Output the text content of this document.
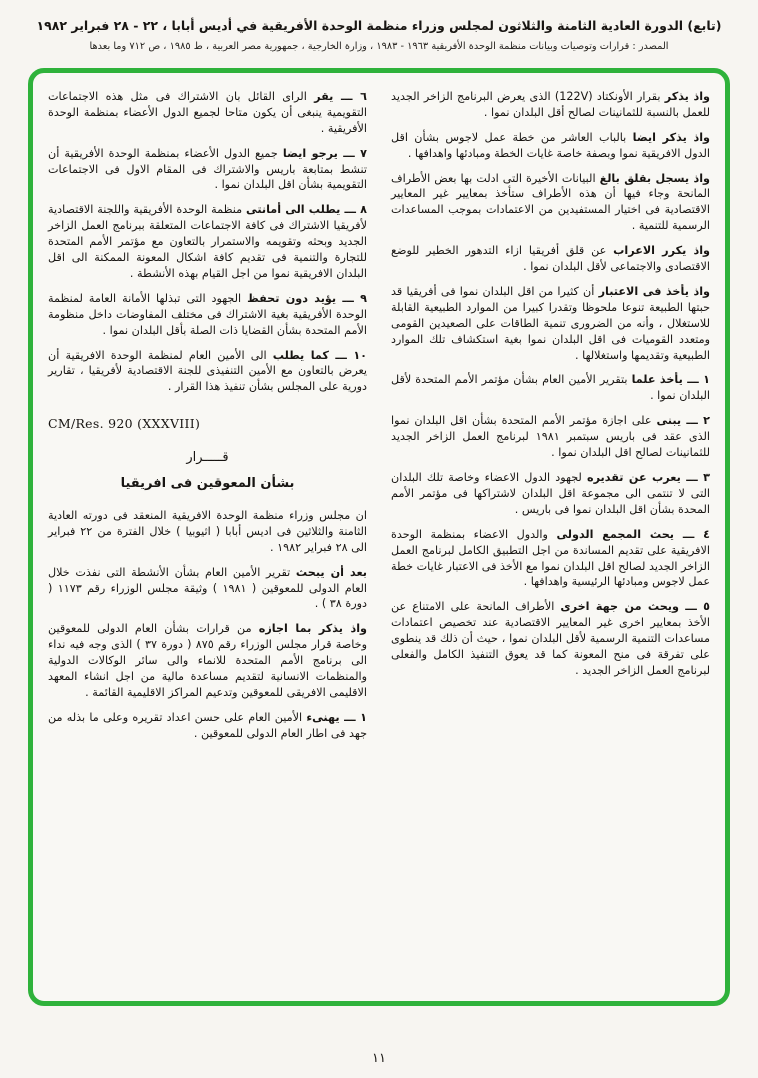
(تابع) الدورة العادية الثامنة والثلاثون لمجلس وزراء منظمة الوحدة الأفريقية في أديس أبابا ، ٢٢ - ٢٨ فبراير ١٩٨٢
المصدر : قرارات وتوصيات وبيانات منظمة الوحدة الأفريقية ١٩٦٣ - ١٩٨٣ ، وزارة الخارجية ، جمهورية مصر العربية ، ط ١٩٨٥ ، ص ٧١٢ وما بعدها

واذ يذكر بقرار الأونكتاد (122V) الذى يعرض البرنامج الزاخر الجديد للعمل بالنسبة للثمانينات لصالح أقل البلدان نموا .

واذ يذكر ايضا بالباب العاشر من خطة عمل لاجوس بشأن اقل الدول الافريقية نموا وبصفة خاصة غايات الخطة ومبادئها واهدافها .

واذ يسجل بقلق بالغ البيانات الأخيرة التى ادلت بها بعض الأطراف المانحة وجاء فيها أن هذه الأطراف ستأخذ بمعايير غير المعايير الاقتصادية فى اختيار المستفيدين من الاعتمادات بموجب المساعدات الرسمية للتنمية .

واذ يكرر الاعراب عن قلق أفريقيا ازاء التدهور الخطير للوضع الاقتصادى والاجتماعى لأقل البلدان نموا .

واذ يأخذ فى الاعتبار أن كثيرا من اقل البلدان نموا فى أفريقيا قد حبتها الطبيعة تنوعا ملحوظا وتقدرا كبيرا من الموارد الطبيعية القابلة للاستغلال ، وأنه من الضرورى تنمية الطاقات على الصعيدين القومى ومتعدد القوميات فى اقل البلدان نموا بغية استكشاف تلك الموارد الطبيعية وتقديمها واستغلالها .

١ ـــ يأخذ علما بتقرير الأمين العام بشأن مؤتمر الأمم المتحدة لأقل البلدان نموا .

٢ ـــ يبنى على اجازة مؤتمر الأمم المتحدة بشأن اقل البلدان نموا الذى عقد فى باريس سبتمبر ١٩٨١ لبرنامج العمل الزاخر الجديد للثمانينات لصالح اقل البلدان نموا .

٣ ـــ يعرب عن تقديره لجهود الدول الاعضاء وخاصة تلك البلدان التى لا تنتمى الى مجموعة اقل البلدان لاشتراكها فى مؤتمر الأمم المحدة بشأن اقل البلدان نموا فى باريس .

٤ ـــ يحث المجمع الدولى والدول الاعضاء بمنظمة الوحدة الافريقية على تقديم المساندة من اجل التطبيق الكامل لبرنامج العمل الزاخر الجديد لصالح اقل البلدان نموا مع الأخذ فى الاعتبار غايات خطة عمل لاجوس ومبادئها الرئيسية واهدافها .

٥ ـــ ويحث من جهة اخرى الأطراف المانحة على الامتناع عن الأخذ بمعايير اخرى غير المعايير الاقتصادية عند تخصيص اعتمادات مساعدات التنمية الرسمية لأقل البلدان نموا ، حيث أن ذلك قد ينطوى على تفرقة فى منح المعونة كما قد يعوق التنفيذ الكامل والفعلى لبرنامج العمل الزاخر الجديد .

٦ ـــ يقر الراى القائل بان الاشتراك فى مثل هذه الاجتماعات التقويمية ينبغى أن يكون متاحا لجميع الدول الأعضاء بمنظمة الوحدة الأفريقية .

٧ ـــ يرجو ايضا جميع الدول الأعضاء بمنظمة الوحدة الأفريقية أن تنشط بمتابعة باريس والاشتراك فى المقام الاول فى الاجتماعات التقويمية بشأن اقل البلدان نموا .

٨ ـــ يطلب الى أمانتى منظمة الوحدة الأفريقية واللجنة الاقتصادية لأفريقيا الاشتراك فى كافة الاجتماعات المتعلقة ببرنامج العمل الزاخر الجديد وبحثه وتقويمه والاستمرار بالتعاون مع مؤتمر الأمم المتحدة للتجارة والتنمية فى تقديم كافة اشكال المعونة الممكنة الى اقل البلدان الافريقية نموا من اجل القيام بهذه الأنشطة .

٩ ـــ يؤيد دون تحفظ الجهود التى تبذلها الأمانة العامة لمنظمة الوحدة الأفريقية بغية الاشتراك فى مختلف المفاوضات داخل منظومة الأمم المتحدة بشأن القضايا ذات الصلة بأقل البلدان نموا .

١٠ ـــ كما يطلب الى الأمين العام لمنظمة الوحدة الافريقية أن يعرض بالتعاون مع الأمين التنفيذى للجنة الاقتصادية لأفريقيا ، تقارير دورية على المجلس بشأن تنفيذ هذا القرار .

CM/Res. 920 (XXXVIII)
قـــــرار
بشأن المعوقين فى افريقيا

ان مجلس وزراء منظمة الوحدة الافريقية المنعقد فى دورته العادية الثامنة والثلاثين فى اديس أبابا ( اثيوبيا ) خلال الفترة من ٢٢ فبراير الى ٢٨ فبراير ١٩٨٢ .

بعد أن يبحث تقرير الأمين العام بشأن الأنشطة التى نفذت خلال العام الدولى للمعوقين ( ١٩٨١ ) وثيقة مجلس الوزراء رقم ١١٧٣ ( دورة ٣٨ ) .

واذ يذكر بما اجازه من قرارات بشأن العام الدولى للمعوقين وخاصة قرار مجلس الوزراء رقم ٨٧٥ ( دورة ٣٧ ) الذى وجه فيه نداء الى برنامج الأمم المتحدة للانماء والى سائر الوكالات الدولية والمنظمات الانسانية لتقديم مساعدة مالية من اجل انشاء المعهد الاقليمى الافريقى للمعوقين وتدعيم المراكز الاقليمية القائمة .

١ ـــ يهنىء الأمين العام على حسن اعداد تقريره وعلى ما بذله من جهد فى اطار العام الدولى للمعوقين .

١١
